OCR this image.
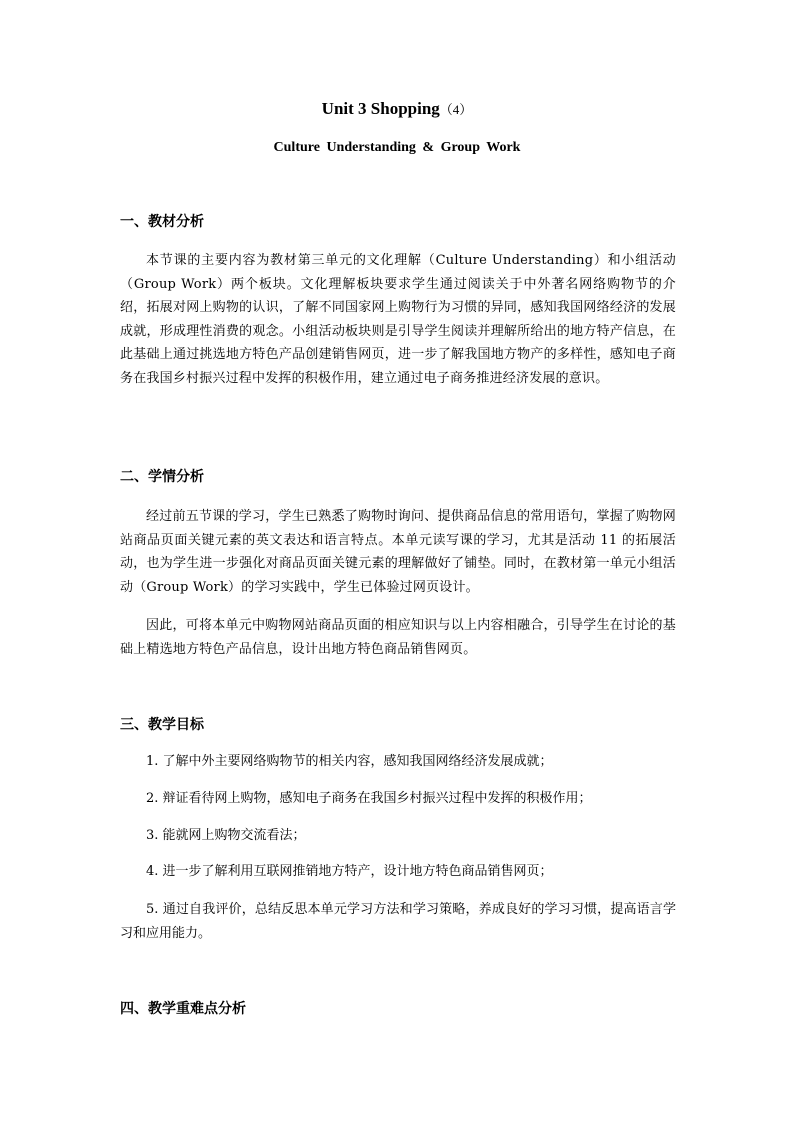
Unit 3 Shopping（4）
Culture Understanding & Group Work
一、教材分析
本节课的主要内容为教材第三单元的文化理解（Culture Understanding）和小组活动（Group Work）两个板块。文化理解板块要求学生通过阅读关于中外著名网络购物节的介绍，拓展对网上购物的认识，了解不同国家网上购物行为习惯的异同，感知我国网络经济的发展成就，形成理性消费的观念。小组活动板块则是引导学生阅读并理解所给出的地方特产信息，在此基础上通过挑选地方特色产品创建销售网页，进一步了解我国地方物产的多样性，感知电子商务在我国乡村振兴过程中发挥的积极作用，建立通过电子商务推进经济发展的意识。
二、学情分析
经过前五节课的学习，学生已熟悉了购物时询问、提供商品信息的常用语句，掌握了购物网站商品页面关键元素的英文表达和语言特点。本单元读写课的学习，尤其是活动 11 的拓展活动，也为学生进一步强化对商品页面关键元素的理解做好了铺垫。同时，在教材第一单元小组活动（Group Work）的学习实践中，学生已体验过网页设计。
因此，可将本单元中购物网站商品页面的相应知识与以上内容相融合，引导学生在讨论的基础上精选地方特色产品信息，设计出地方特色商品销售网页。
三、教学目标
1. 了解中外主要网络购物节的相关内容，感知我国网络经济发展成就；
2. 辩证看待网上购物，感知电子商务在我国乡村振兴过程中发挥的积极作用；
3. 能就网上购物交流看法；
4. 进一步了解利用互联网推销地方特产，设计地方特色商品销售网页；
5. 通过自我评价，总结反思本单元学习方法和学习策略，养成良好的学习习惯，提高语言学习和应用能力。
四、教学重难点分析
